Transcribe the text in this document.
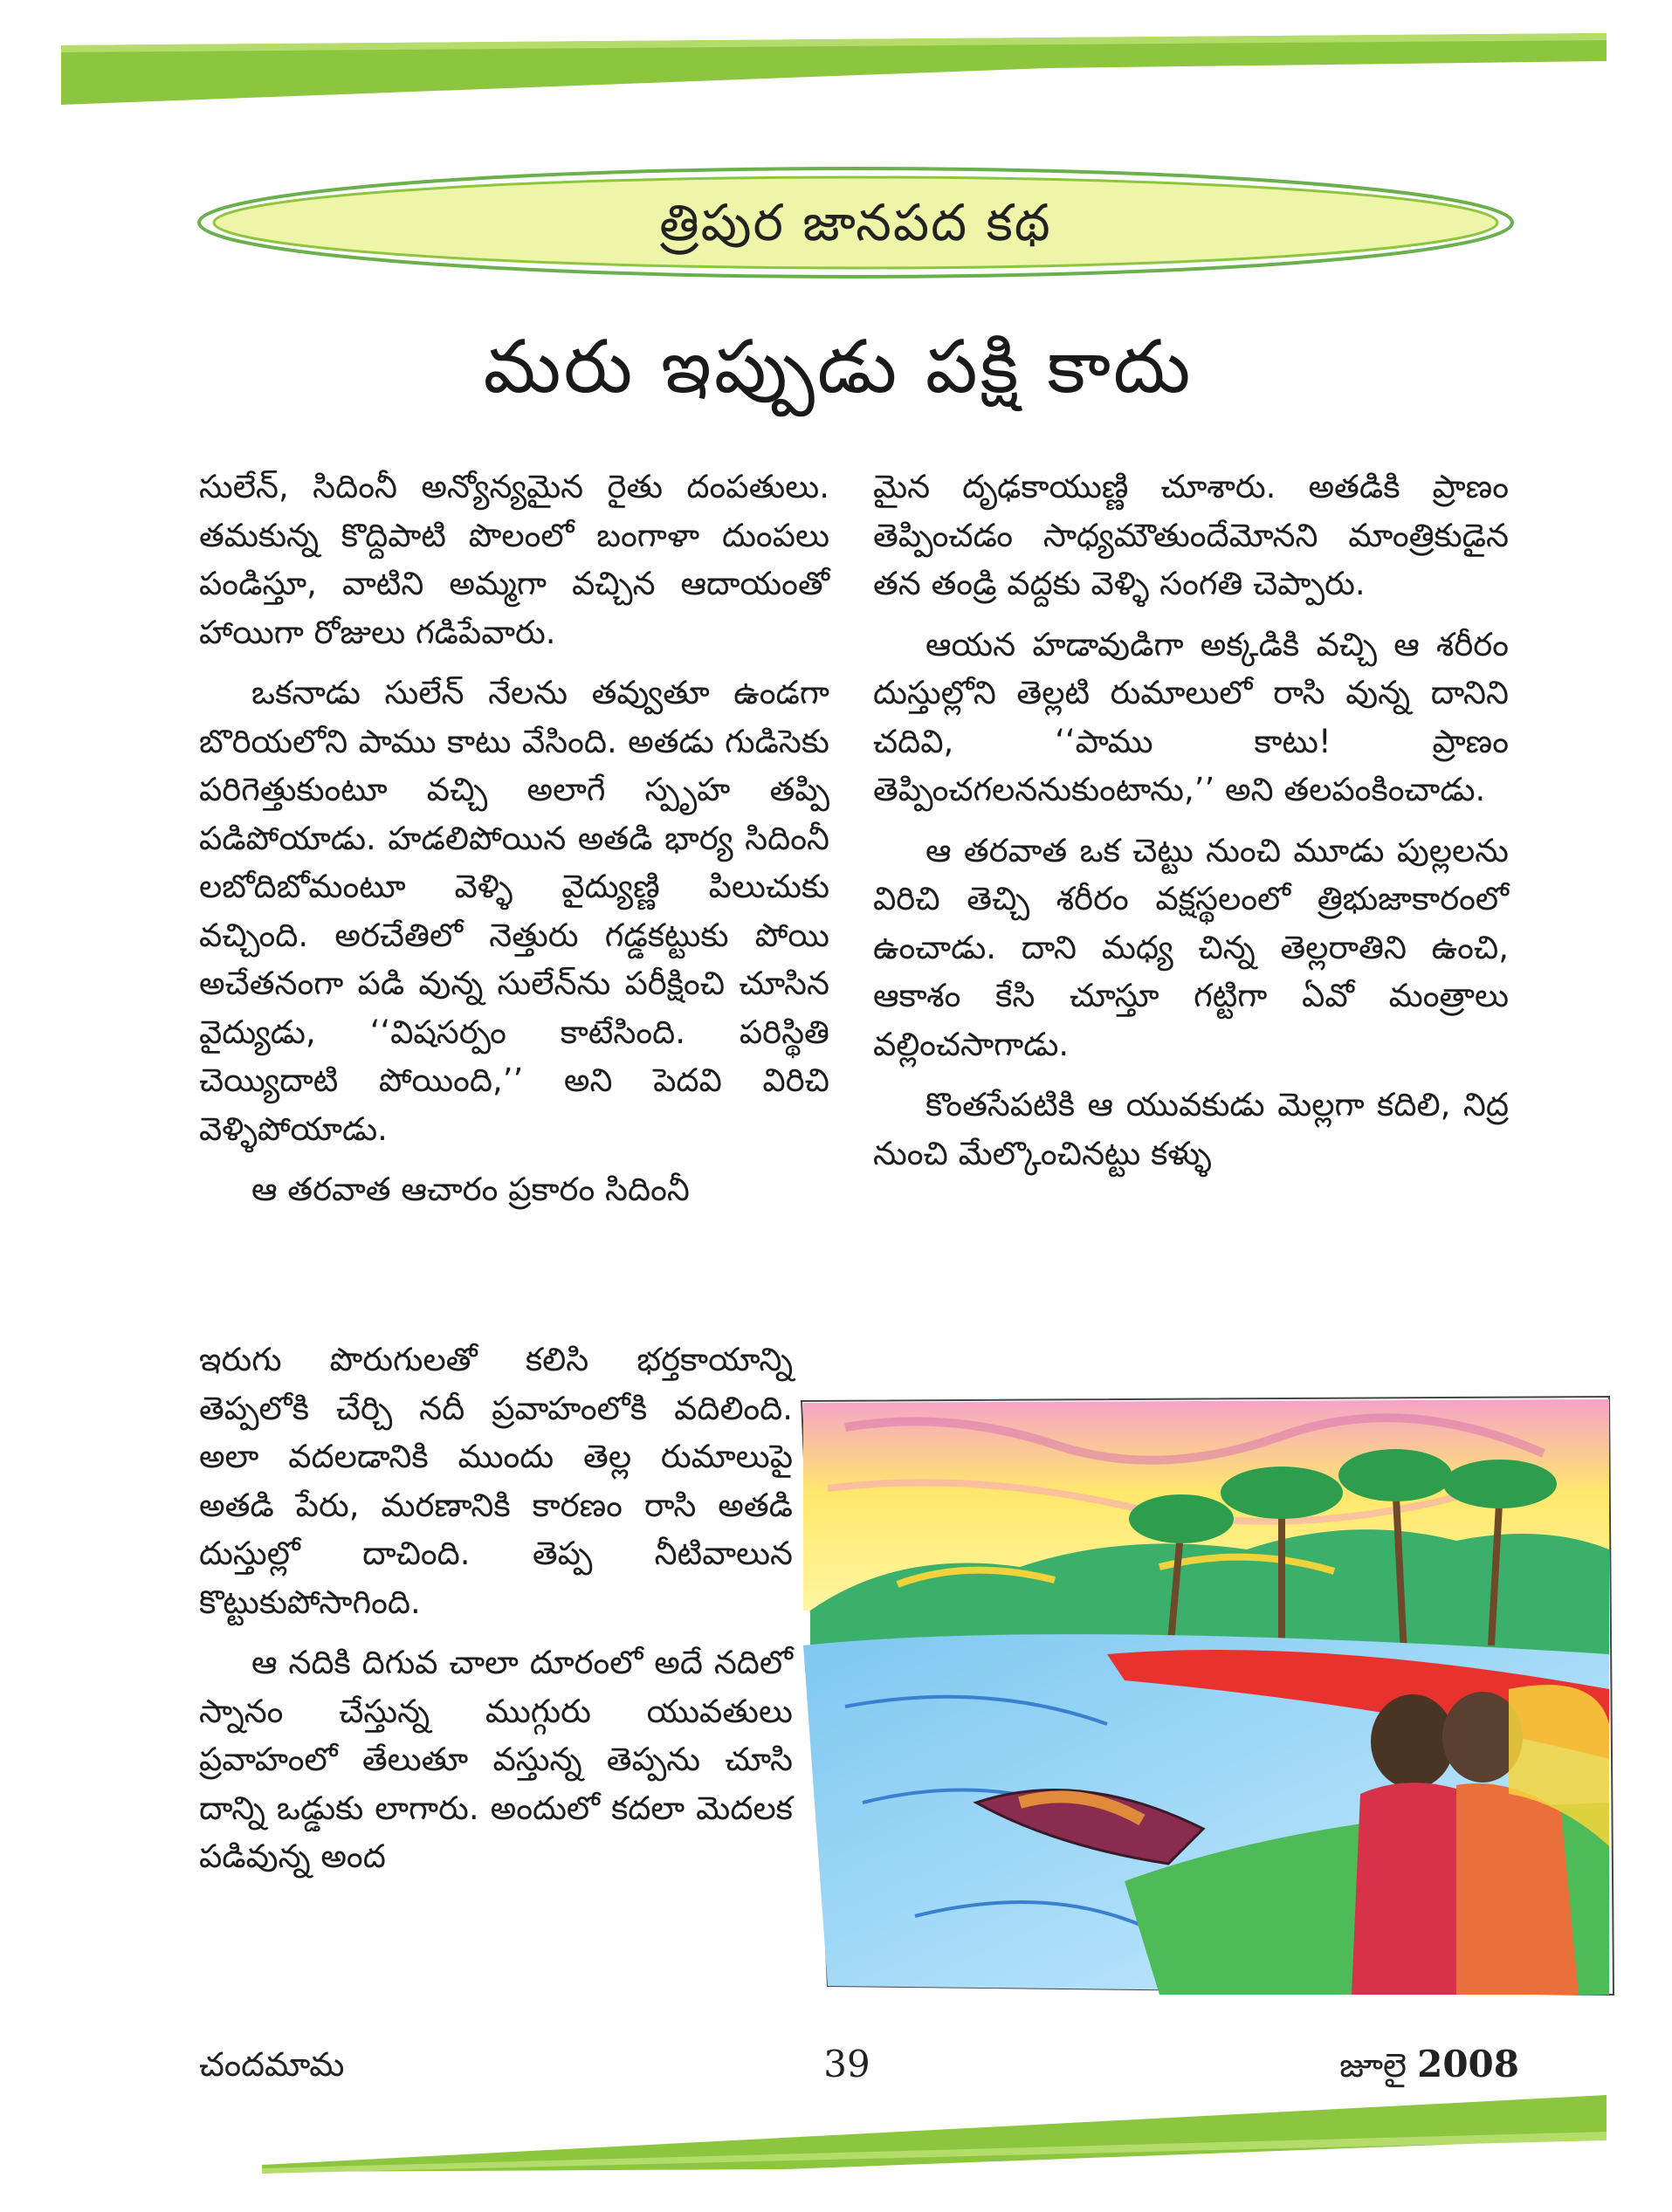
త్రిపుర జానపద కథ
మరు ఇప్పుడు పక్షి కాదు

సులేన్, సిదింనీ అన్యోన్యమైన రైతు దంపతులు. తమకున్న కొద్దిపాటి పొలంలో బంగాళా దుంపలు పండిస్తూ, వాటిని అమ్మగా వచ్చిన ఆదాయంతో హాయిగా రోజులు గడిపేవారు.

ఒకనాడు సులేన్ నేలను తవ్వుతూ ఉండగా బొరియలోని పాము కాటు వేసింది. అతడు గుడిసెకు పరిగెత్తుకుంటూ వచ్చి అలాగే స్పృహ తప్పి పడిపోయాడు. హడలిపోయిన అతడి భార్య సిదింనీ లబోదిబోమంటూ వెళ్ళి వైద్యుణ్ణి పిలుచుకు వచ్చింది. అరచేతిలో నెత్తురు గడ్డకట్టుకు పోయి అచేతనంగా పడి వున్న సులేన్‌ను పరీక్షించి చూసిన వైద్యుడు, ‘‘విషసర్పం కాటేసింది. పరిస్థితి చెయ్యిదాటి పోయింది,’’ అని పెదవి విరిచి వెళ్ళిపోయాడు.

ఆ తరవాత ఆచారం ప్రకారం సిదింనీ

ఇరుగు పొరుగులతో కలిసి భర్తకాయాన్ని తెప్పలోకి చేర్చి నదీ ప్రవాహంలోకి వదిలింది. అలా వదలడానికి ముందు తెల్ల రుమాలుపై అతడి పేరు, మరణానికి కారణం రాసి అతడి దుస్తుల్లో దాచింది. తెప్ప నీటివాలున కొట్టుకుపోసాగింది.

ఆ నదికి దిగువ చాలా దూరంలో అదే నదిలో స్నానం చేస్తున్న ముగ్గురు యువతులు ప్రవాహంలో తేలుతూ వస్తున్న తెప్పను చూసి దాన్ని ఒడ్డుకు లాగారు. అందులో కదలా మెదలక పడివున్న అంద

మైన దృఢకాయుణ్ణి చూశారు. అతడికి ప్రాణం తెప్పించడం సాధ్యమౌతుందేమోనని మాంత్రికుడైన తన తండ్రి వద్దకు వెళ్ళి సంగతి చెప్పారు.

ఆయన హడావుడిగా అక్కడికి వచ్చి ఆ శరీరం దుస్తుల్లోని తెల్లటి రుమాలులో రాసి వున్న దానిని చదివి, ‘‘పాము కాటు! ప్రాణం తెప్పించగలననుకుంటాను,’’ అని తలపంకించాడు.

ఆ తరవాత ఒక చెట్టు నుంచి మూడు పుల్లలను విరిచి తెచ్చి శరీరం వక్షస్థలంలో త్రిభుజాకారంలో ఉంచాడు. దాని మధ్య చిన్న తెల్లరాతిని ఉంచి, ఆకాశం కేసి చూస్తూ గట్టిగా ఏవో మంత్రాలు వల్లించసాగాడు.

కొంతసేపటికి ఆ యువకుడు మెల్లగా కదిలి, నిద్ర నుంచి మేల్కొంచినట్టు కళ్ళు

చందమామ	39	జూలై 2008
